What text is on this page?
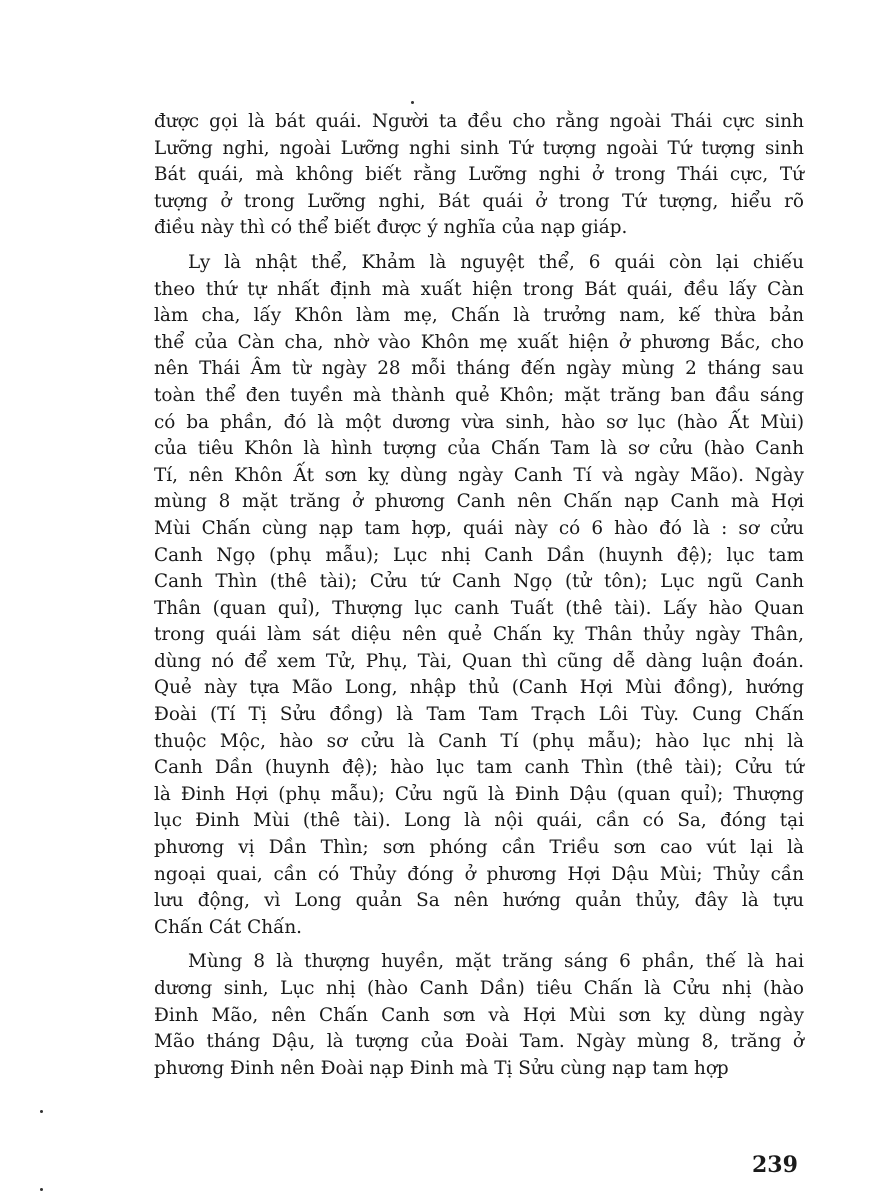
được gọi là bát quái. Người ta đều cho rằng ngoài Thái cực sinh
Lưỡng nghi, ngoài Lưỡng nghi sinh Tứ tượng ngoài Tứ tượng sinh
Bát quái, mà không biết rằng Lưỡng nghi ở trong Thái cực, Tứ
tượng ở trong Lưỡng nghi, Bát quái ở trong Tứ tượng, hiểu rõ
điều này thì có thể biết được ý nghĩa của nạp giáp.

Ly là nhật thể, Khảm là nguyệt thể, 6 quái còn lại chiếu
theo thứ tự nhất định mà xuất hiện trong Bát quái, đều lấy Càn
làm cha, lấy Khôn làm mẹ, Chấn là trưởng nam, kế thừa bản
thể của Càn cha, nhờ vào Khôn mẹ xuất hiện ở phương Bắc, cho
nên Thái Âm từ ngày 28 mỗi tháng đến ngày mùng 2 tháng sau
toàn thể đen tuyền mà thành quẻ Khôn; mặt trăng ban đầu sáng
có ba phần, đó là một dương vừa sinh, hào sơ lục (hào Ất Mùi)
của tiêu Khôn là hình tượng của Chấn Tam là sơ cửu (hào Canh
Tí, nên Khôn Ất sơn kỵ dùng ngày Canh Tí và ngày Mão). Ngày
mùng 8 mặt trăng ở phương Canh nên Chấn nạp Canh mà Hợi
Mùi Chấn cùng nạp tam hợp, quái này có 6 hào đó là : sơ cửu
Canh Ngọ (phụ mẫu); Lục nhị Canh Dần (huynh đệ); lục tam
Canh Thìn (thê tài); Cửu tứ Canh Ngọ (tử tôn); Lục ngũ Canh
Thân (quan quỉ), Thượng lục canh Tuất (thê tài). Lấy hào Quan
trong quái làm sát diệu nên quẻ Chấn kỵ Thân thủy ngày Thân,
dùng nó để xem Tử, Phụ, Tài, Quan thì cũng dễ dàng luận đoán.
Quẻ này tựa Mão Long, nhập thủ (Canh Hợi Mùi đồng), hướng
Đoài (Tí Tị Sửu đồng) là Tam Tam Trạch Lôi Tùy. Cung Chấn
thuộc Mộc, hào sơ cửu là Canh Tí (phụ mẫu); hào lục nhị là
Canh Dần (huynh đệ); hào lục tam canh Thìn (thê tài); Cửu tứ
là Đinh Hợi (phụ mẫu); Cửu ngũ là Đinh Dậu (quan quỉ); Thượng
lục Đinh Mùi (thê tài). Long là nội quái, cần có Sa, đóng tại
phương vị Dần Thìn; sơn phóng cần Triều sơn cao vút lại là
ngoại quai, cần có Thủy đóng ở phương Hợi Dậu Mùi; Thủy cần
lưu động, vì Long quản Sa nên hướng quản thủy, đây là tựu
Chấn Cát Chấn.

Mùng 8 là thượng huyền, mặt trăng sáng 6 phần, thế là hai
dương sinh, Lục nhị (hào Canh Dần) tiêu Chấn là Cửu nhị (hào
Đinh Mão, nên Chấn Canh sơn và Hợi Mùi sơn kỵ dùng ngày
Mão tháng Dậu, là tượng của Đoài Tam. Ngày mùng 8, trăng ở
phương Đinh nên Đoài nạp Đinh mà Tị Sửu cùng nạp tam hợp

239
